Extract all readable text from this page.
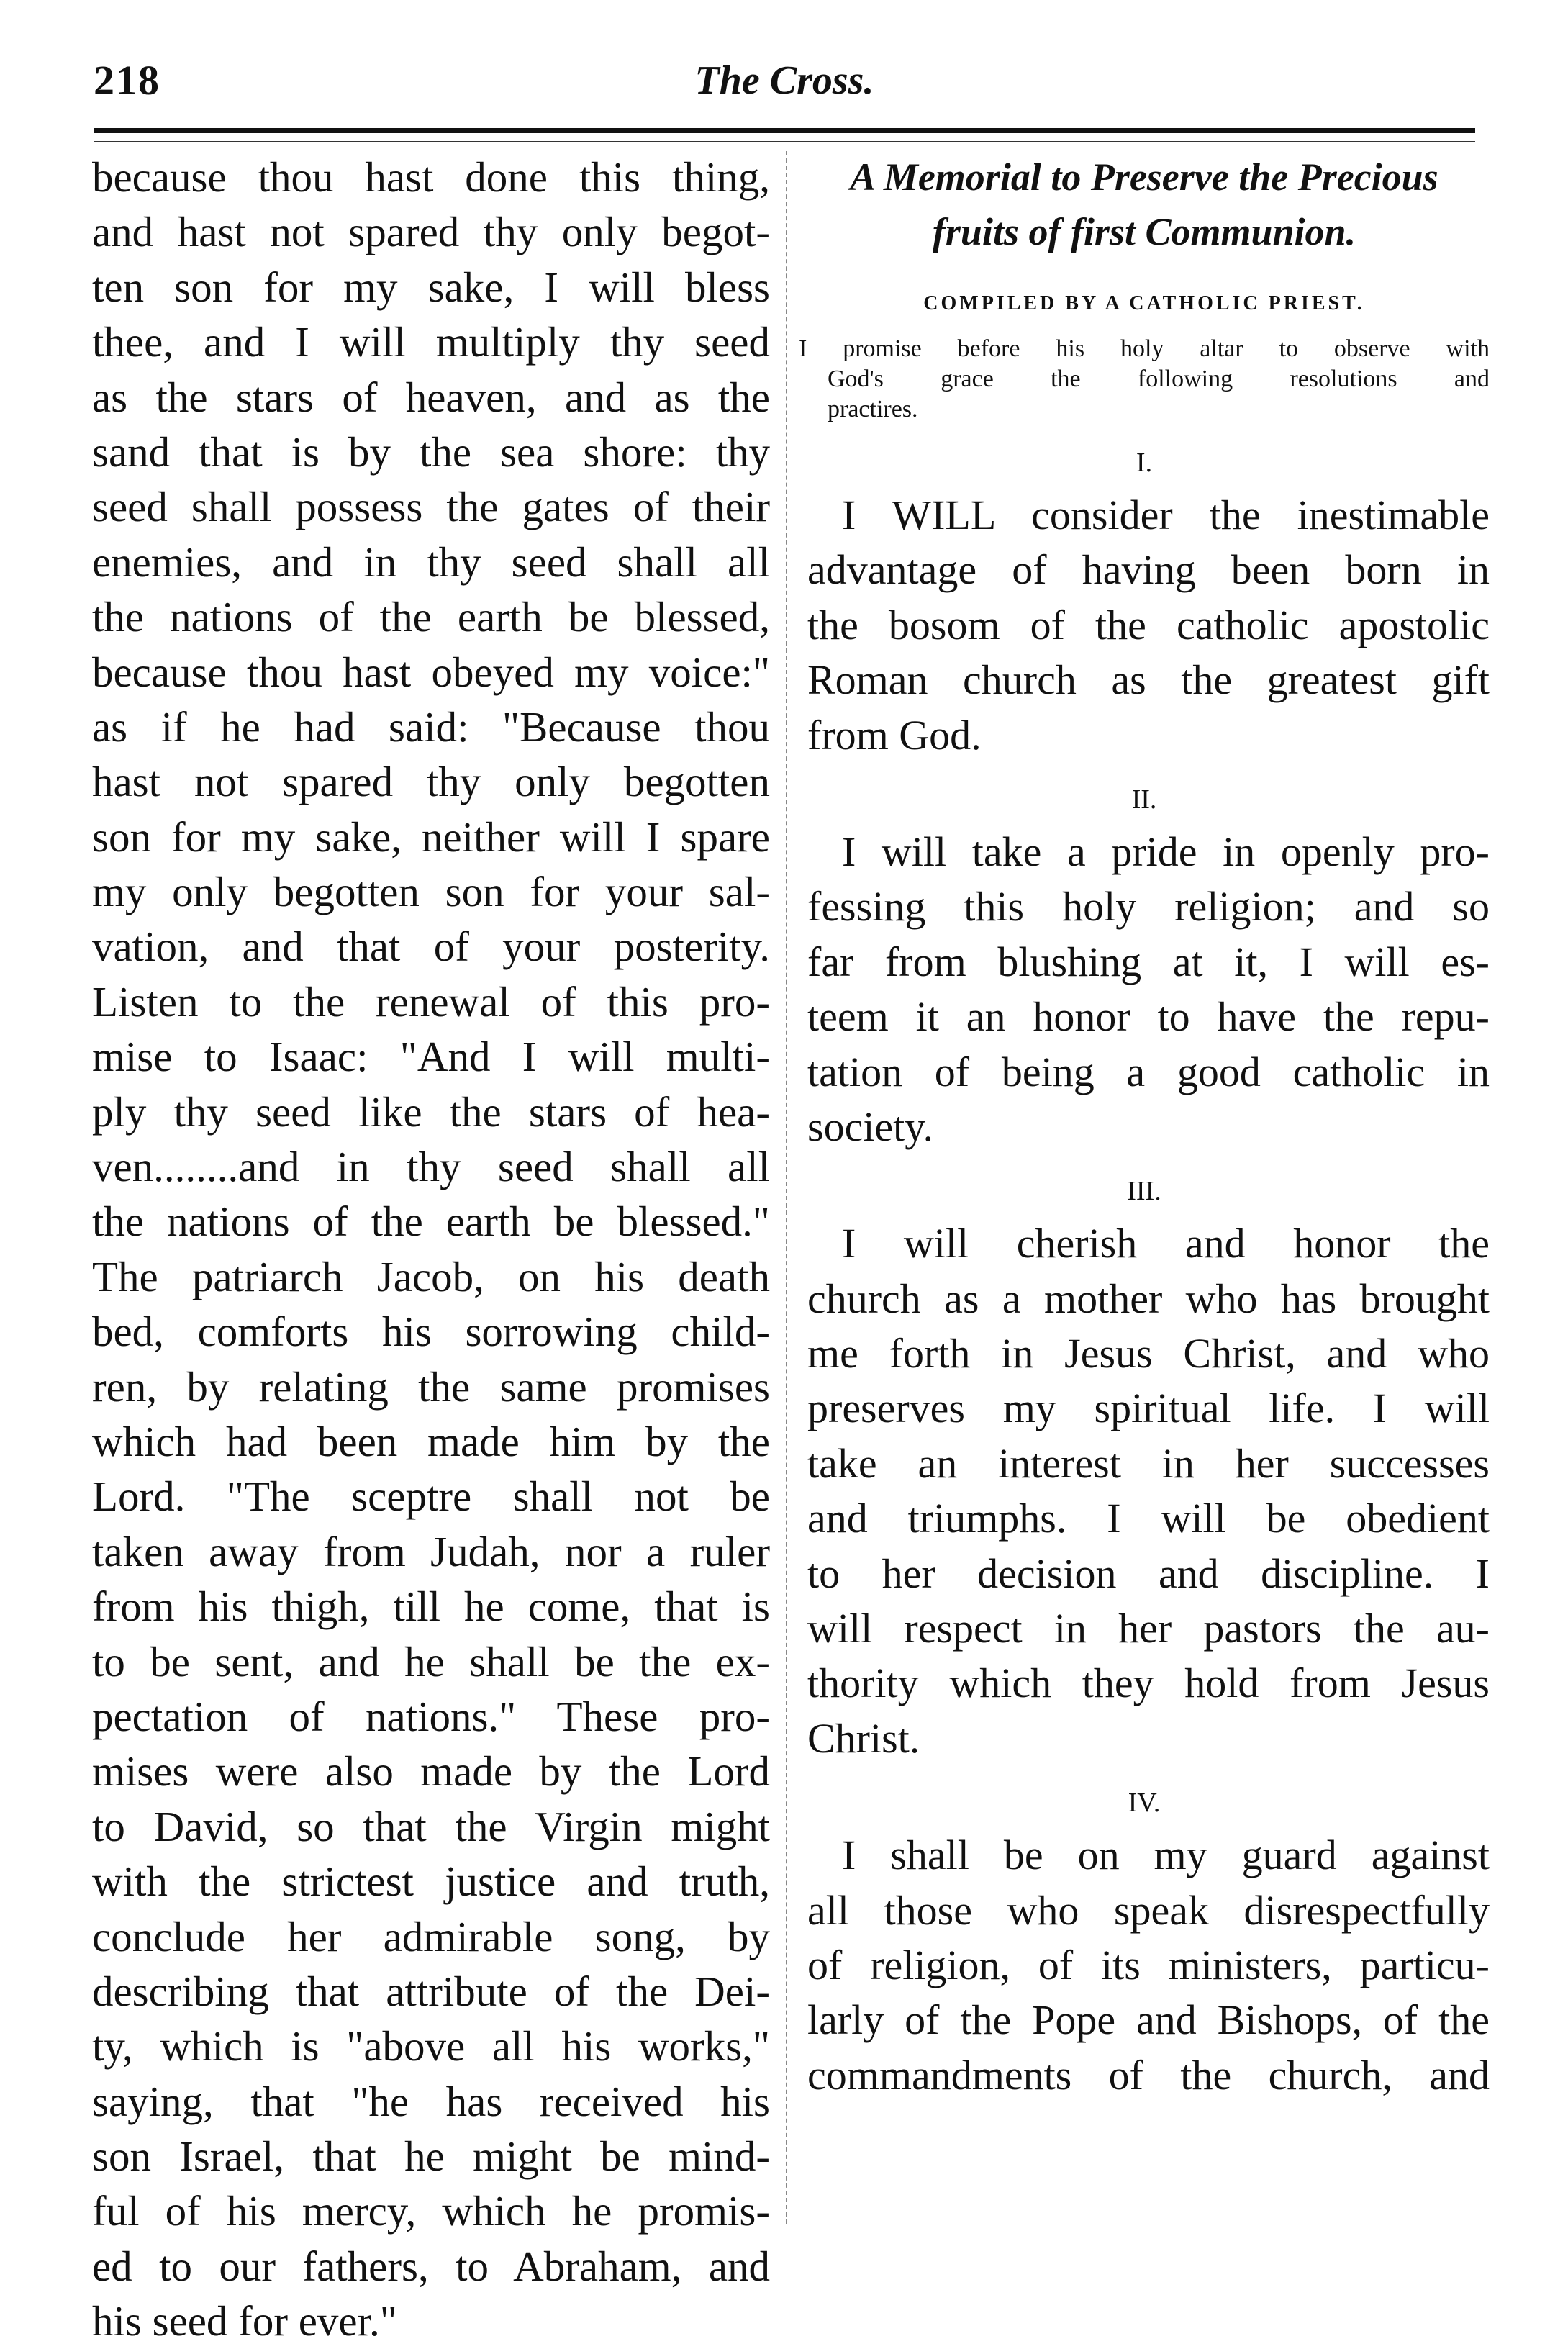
218	The Cross.
because thou hast done this thing,
and hast not spared thy only begot-
ten son for my sake, I will bless
thee, and I will multiply thy seed
as the stars of heaven, and as the
sand that is by the sea shore: thy
seed shall possess the gates of their
enemies, and in thy seed shall all
the nations of the earth be blessed,
because thou hast obeyed my voice:"
as if he had said: "Because thou
hast not spared thy only begotten
son for my sake, neither will I spare
my only begotten son for your sal-
vation, and that of your posterity.
Listen to the renewal of this pro-
mise to Isaac: "And I will multi-
ply thy seed like the stars of hea-
ven........and in thy seed shall all
the nations of the earth be blessed."
The patriarch Jacob, on his death
bed, comforts his sorrowing child-
ren, by relating the same promises
which had been made him by the
Lord. "The sceptre shall not be
taken away from Judah, nor a ruler
from his thigh, till he come, that is
to be sent, and he shall be the ex-
pectation of nations." These pro-
mises were also made by the Lord
to David, so that the Virgin might
with the strictest justice and truth,
conclude her admirable song, by
describing that attribute of the Dei-
ty, which is "above all his works,"
saying, that "he has received his
son Israel, that he might be mind-
ful of his mercy, which he promis-
ed to our fathers, to Abraham, and
his seed for ever."
A Memorial to Preserve the Precious
fruits of first Communion.
COMPILED BY A CATHOLIC PRIEST.
I promise before his holy altar to observe with
God's grace the following resolutions and
practires.
I.
I WILL consider the inestimable
advantage of having been born in
the bosom of the catholic apostolic
Roman church as the greatest gift
from God.
II.
I will take a pride in openly pro-
fessing this holy religion; and so
far from blushing at it, I will es-
teem it an honor to have the repu-
tation of being a good catholic in
society.
III.
I will cherish and honor the
church as a mother who has brought
me forth in Jesus Christ, and who
preserves my spiritual life. I will
take an interest in her successes
and triumphs. I will be obedient
to her decision and discipline. I
will respect in her pastors the au-
thority which they hold from Jesus
Christ.
IV.
I shall be on my guard against
all those who speak disrespectfully
of religion, of its ministers, particu-
larly of the Pope and Bishops, of the
commandments of the church, and
